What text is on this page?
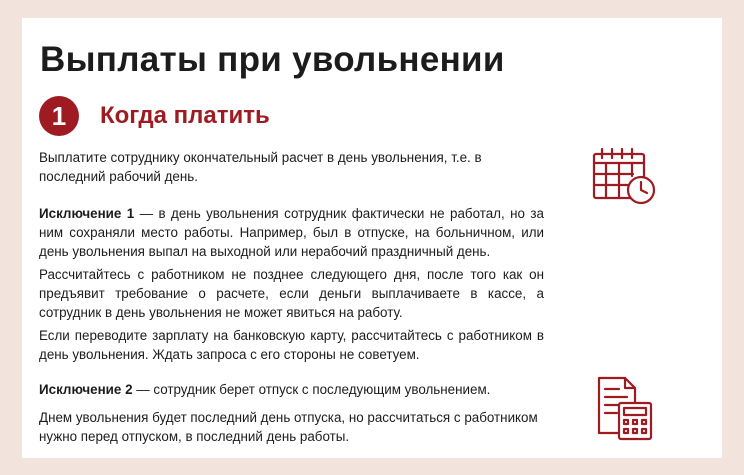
Выплаты при увольнении
1	Когда платить

Выплатите сотруднику окончательный расчет в день увольнения, т.е. в последний рабочий день.

Исключение 1 — в день увольнения сотрудник фактически не работал, но за ним сохраняли место работы. Например, был в отпуске, на больничном, или день увольнения выпал на выходной или нерабочий праздничный день.

Рассчитайтесь с работником не позднее следующего дня, после того как он предъявит требование о расчете, если деньги выплачиваете в кассе, а сотрудник в день увольнения не может явиться на работу.

Если переводите зарплату на банковскую карту, рассчитайтесь с работником в день увольнения. Ждать запроса с его стороны не советуем.

Исключение 2 — сотрудник берет отпуск с последующим увольнением.

Днем увольнения будет последний день отпуска, но рассчитаться с работником нужно перед отпуском, в последний день работы.
